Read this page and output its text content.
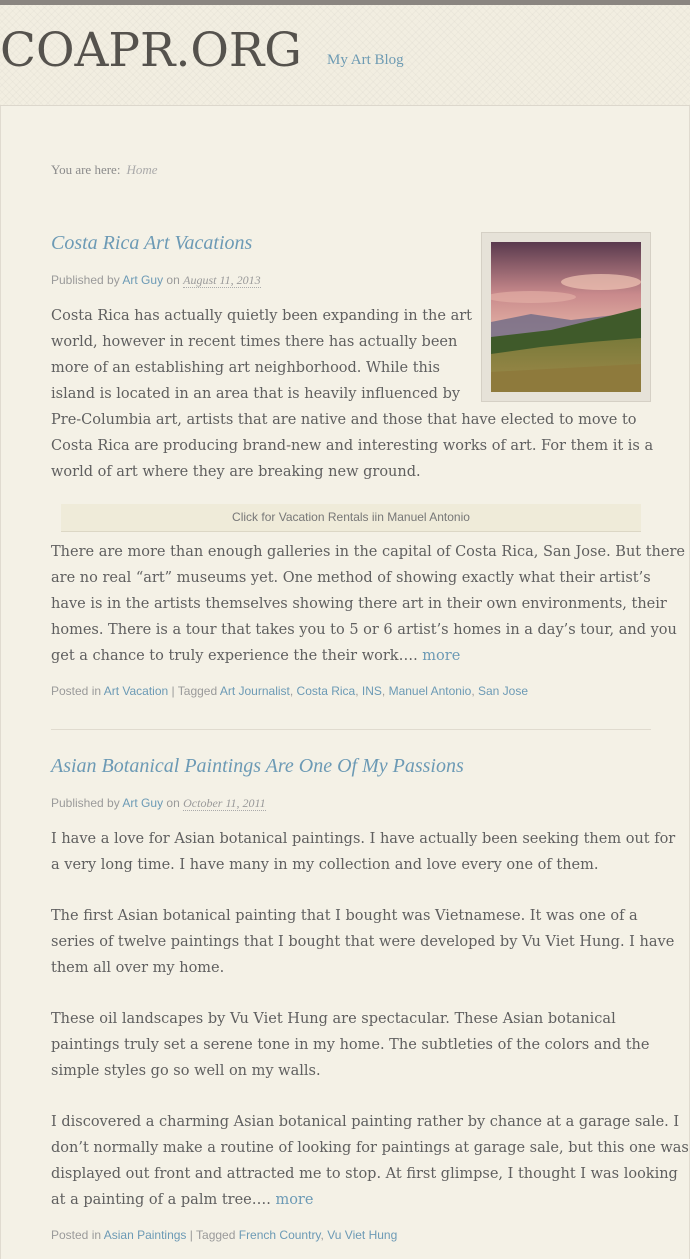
COAPR.ORG My Art Blog
You are here: Home
Costa Rica Art Vacations
Published by Art Guy on August 11, 2013
Costa Rica has actually quietly been expanding in the art
world, however in recent times there has actually been
more of an establishing art neighborhood. While this
island is located in an area that is heavily influenced by
Pre-Columbia art, artists that are native and those that have elected to move to
Costa Rica are producing brand-new and interesting works of art. For them it is a
world of art where they are breaking new ground.
Click for Vacation Rentals iin Manuel Antonio
There are more than enough galleries in the capital of Costa Rica, San Jose. But there
are no real “art” museums yet. One method of showing exactly what their artist’s
have is in the artists themselves showing there art in their own environments, their
homes. There is a tour that takes you to 5 or 6 artist’s homes in a day’s tour, and you
get a chance to truly experience the their work…. more
Posted in Art Vacation | Tagged Art Journalist, Costa Rica, INS, Manuel Antonio, San Jose
Asian Botanical Paintings Are One Of My Passions
Published by Art Guy on October 11, 2011
I have a love for Asian botanical paintings. I have actually been seeking them out for
a very long time. I have many in my collection and love every one of them.
The first Asian botanical painting that I bought was Vietnamese. It was one of a
series of twelve paintings that I bought that were developed by Vu Viet Hung. I have
them all over my home.
These oil landscapes by Vu Viet Hung are spectacular. These Asian botanical
paintings truly set a serene tone in my home. The subtleties of the colors and the
simple styles go so well on my walls.
I discovered a charming Asian botanical painting rather by chance at a garage sale. I
don’t normally make a routine of looking for paintings at garage sale, but this one was
displayed out front and attracted me to stop. At first glimpse, I thought I was looking
at a painting of a palm tree…. more
Posted in Asian Paintings | Tagged French Country, Vu Viet Hung
